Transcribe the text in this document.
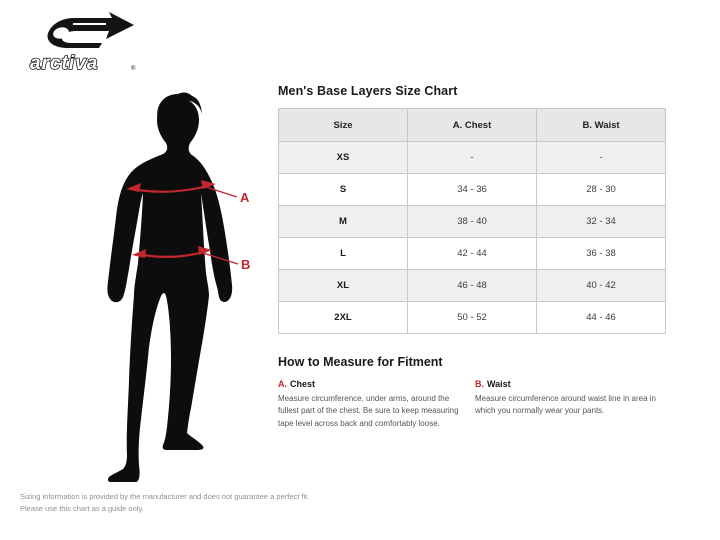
arctiva	®
A
B
Men's Base Layers Size Chart
Size	A. Chest	B. Waist
XS	-	-
S	34 - 36	28 - 30
M	38 - 40	32 - 34
L	42 - 44	36 - 38
XL	46 - 48	40 - 42
2XL	50 - 52	44 - 46
How to Measure for Fitment
A. Chest
Measure circumference, under arms, around the fullest part of the chest. Be sure to keep measuring tape level across back and comfortably loose.
B. Waist
Measure circumference around waist line in area in which you normally wear your pants.
Sizing information is provided by the manufacturer and does not guarantee a perfect fit.
Please use this chart as a guide only.
